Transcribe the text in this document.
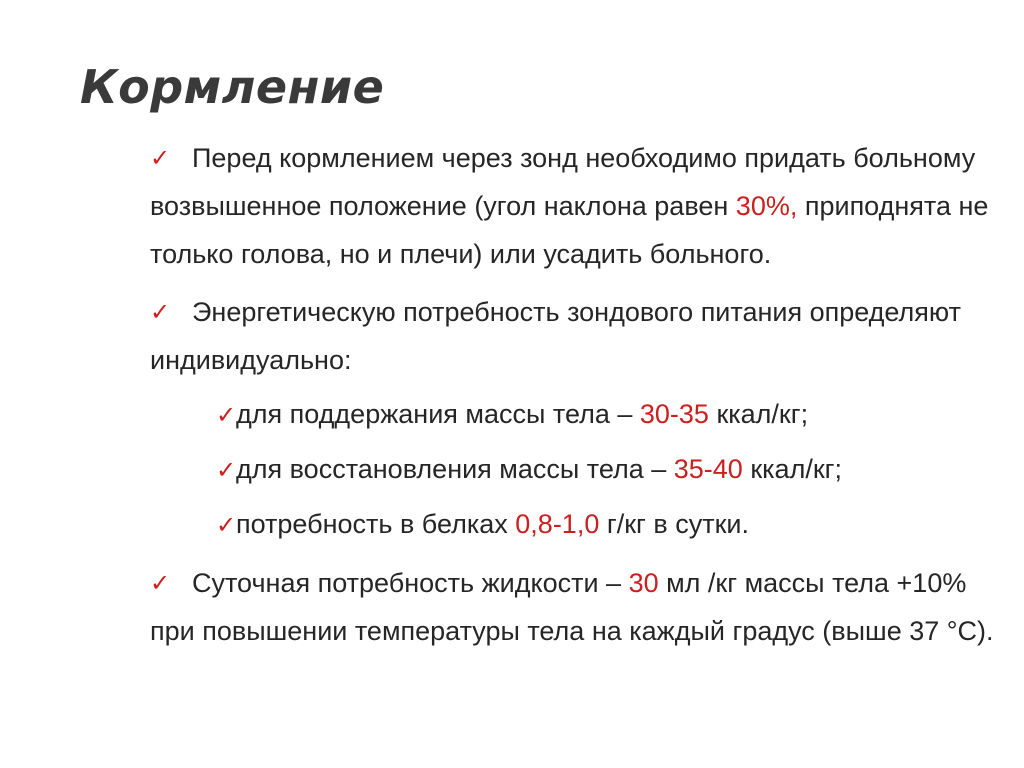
Кормление
✓ Перед кормлением через зонд необходимо придать больному возвышенное положение (угол наклона равен 30%, приподнята не только голова, но и плечи) или усадить больного.
✓ Энергетическую потребность зондового питания определяют индивидуально:
✓для поддержания массы тела – 30-35 ккал/кг;
✓для восстановления массы тела – 35-40 ккал/кг;
✓потребность в белках 0,8-1,0 г/кг в сутки.
✓ Суточная потребность жидкости – 30 мл /кг массы тела +10% при повышении температуры тела на каждый градус (выше 37 °С).
